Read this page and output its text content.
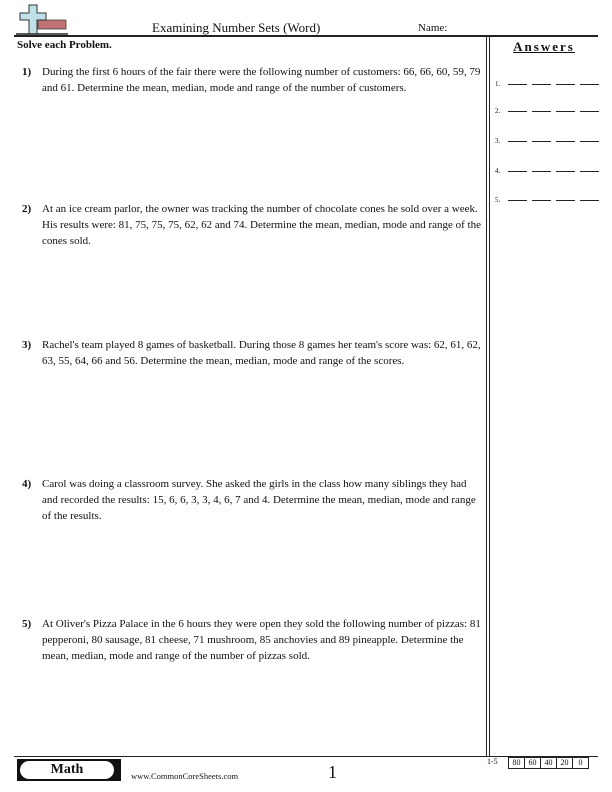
Examining Number Sets (Word)	Name:
Solve each Problem.	Answers
1) During the first 6 hours of the fair there were the following number of customers: 66, 66, 60, 59, 79 and 61. Determine the mean, median, mode and range of the number of customers.
2) At an ice cream parlor, the owner was tracking the number of chocolate cones he sold over a week. His results were: 81, 75, 75, 75, 62, 62 and 74. Determine the mean, median, mode and range of the cones sold.
3) Rachel's team played 8 games of basketball. During those 8 games her team's score was: 62, 61, 62, 63, 55, 64, 66 and 56. Determine the mean, median, mode and range of the scores.
4) Carol was doing a classroom survey. She asked the girls in the class how many siblings they had and recorded the results: 15, 6, 6, 3, 3, 4, 6, 7 and 4. Determine the mean, median, mode and range of the results.
5) At Oliver's Pizza Palace in the 6 hours they were open they sold the following number of pizzas: 81 pepperoni, 80 sausage, 81 cheese, 71 mushroom, 85 anchovies and 89 pineapple. Determine the mean, median, mode and range of the number of pizzas sold.
1.
2.
3.
4.
5.
Math	www.CommonCoreSheets.com	1
1-5 80	60	40	20	0
